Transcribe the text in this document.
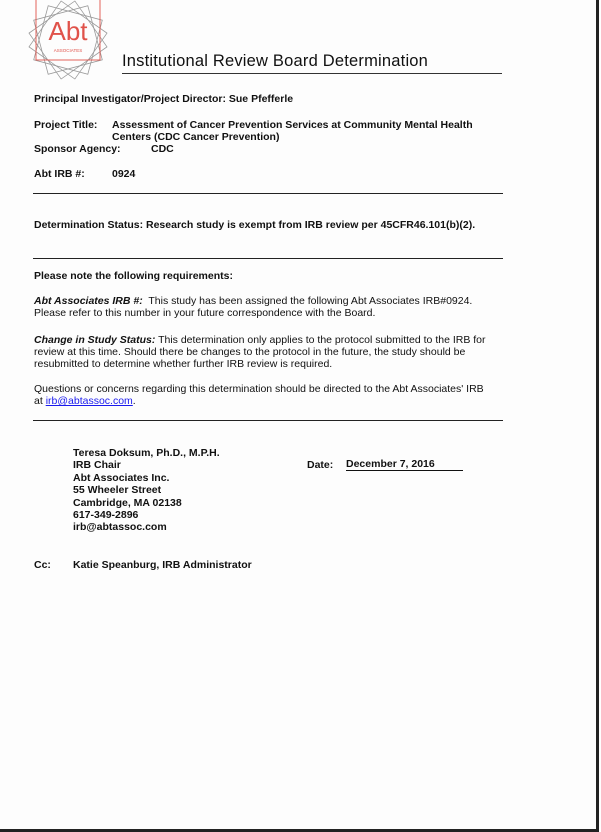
Abt
ASSOCIATES
Institutional Review Board Determination
Principal Investigator/Project Director: Sue Pfefferle
Project Title: Assessment of Cancer Prevention Services at Community Mental Health
Centers (CDC Cancer Prevention)
Sponsor Agency:	CDC
Abt IRB #:	0924
Determination Status: Research study is exempt from IRB review per 45CFR46.101(b)(2).
Please note the following requirements:
Abt Associates IRB #: This study has been assigned the following Abt Associates IRB#0924.
Please refer to this number in your future correspondence with the Board.
Change in Study Status: This determination only applies to the protocol submitted to the IRB for
review at this time. Should there be changes to the protocol in the future, the study should be
resubmitted to determine whether further IRB review is required.
Questions or concerns regarding this determination should be directed to the Abt Associates' IRB
at irb@abtassoc.com.
Teresa Doksum, Ph.D., M.P.H.
IRB Chair
Abt Associates Inc.
55 Wheeler Street
Cambridge, MA 02138
617-349-2896
irb@abtassoc.com
Date: December 7, 2016
Cc: Katie Speanburg, IRB Administrator
